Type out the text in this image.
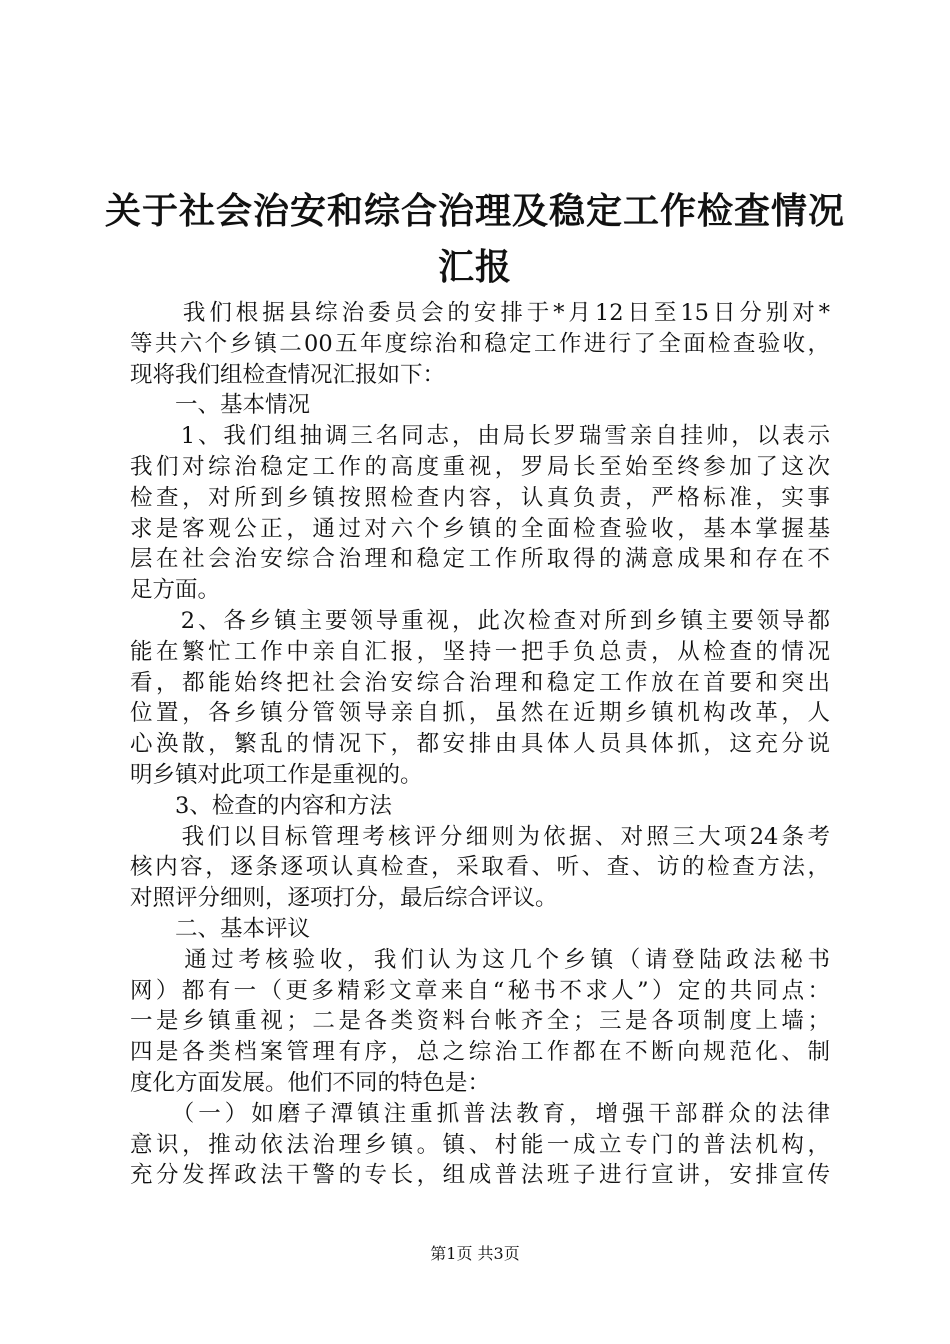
关于社会治安和综合治理及稳定工作检查情况
汇报
　　我们根据县综治委员会的安排于*月12日至15日分别对*
等共六个乡镇二00五年度综治和稳定工作进行了全面检查验收，
现将我们组检查情况汇报如下：
　　一、基本情况
　　1、我们组抽调三名同志，由局长罗瑞雪亲自挂帅，以表示
我们对综治稳定工作的高度重视，罗局长至始至终参加了这次
检查，对所到乡镇按照检查内容，认真负责，严格标准，实事
求是客观公正，通过对六个乡镇的全面检查验收，基本掌握基
层在社会治安综合治理和稳定工作所取得的满意成果和存在不
足方面。
　　2、各乡镇主要领导重视，此次检查对所到乡镇主要领导都
能在繁忙工作中亲自汇报，坚持一把手负总责，从检查的情况
看，都能始终把社会治安综合治理和稳定工作放在首要和突出
位置，各乡镇分管领导亲自抓，虽然在近期乡镇机构改革，人
心涣散，繁乱的情况下，都安排由具体人员具体抓，这充分说
明乡镇对此项工作是重视的。
　　3、检查的内容和方法
　　我们以目标管理考核评分细则为依据、对照三大项24条考
核内容，逐条逐项认真检查，采取看、听、查、访的检查方法，
对照评分细则，逐项打分，最后综合评议。
　　二、基本评议
　　通过考核验收，我们认为这几个乡镇（请登陆政法秘书
网）都有一（更多精彩文章来自“秘书不求人”）定的共同点：
一是乡镇重视；二是各类资料台帐齐全；三是各项制度上墙；
四是各类档案管理有序，总之综治工作都在不断向规范化、制
度化方面发展。他们不同的特色是：
　　（一）如磨子潭镇注重抓普法教育，增强干部群众的法律
意识，推动依法治理乡镇。镇、村能一成立专门的普法机构，
充分发挥政法干警的专长，组成普法班子进行宣讲，安排宣传
第1页 共3页
